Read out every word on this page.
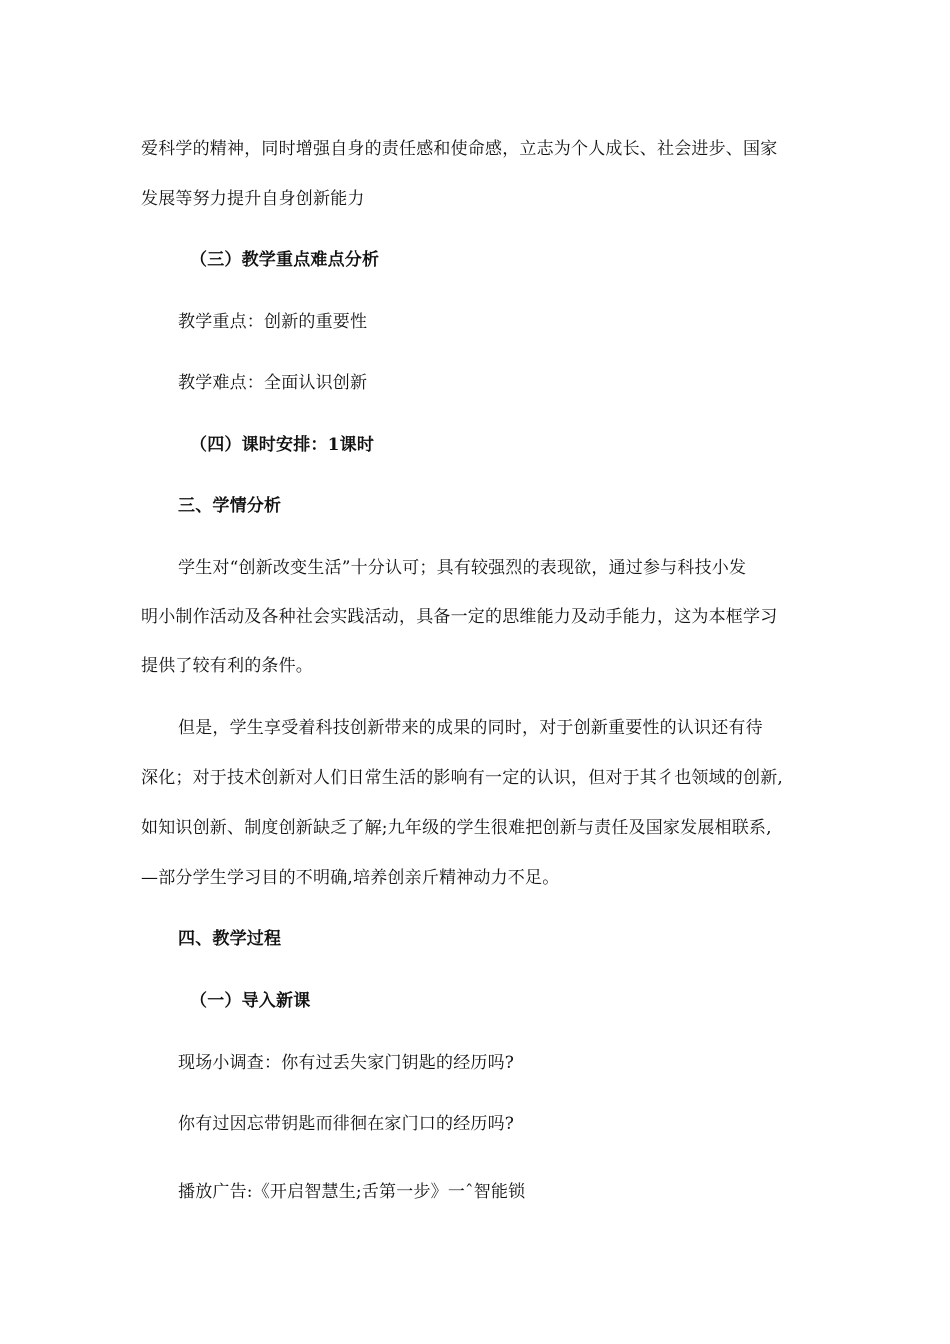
爱科学的精神，同时增强自身的责任感和使命感，立志为个人成长、社会进步、国家
发展等努力提升自身创新能力
（三）教学重点难点分析
教学重点：创新的重要性
教学难点：全面认识创新
（四）课时安排：1课时
三、学情分析
学生对“创新改变生活”十分认可；具有较强烈的表现欲，通过参与科技小发
明小制作活动及各种社会实践活动，具备一定的思维能力及动手能力，这为本框学习
提供了较有利的条件。
但是，学生享受着科技创新带来的成果的同时，对于创新重要性的认识还有待
深化；对于技术创新对人们日常生活的影响有一定的认识，但对于其彳也领域的创新,
如知识创新、制度创新缺乏了解;九年级的学生很难把创新与责任及国家发展相联系,
—部分学生学习目的不明确,培养创亲斤精神动力不足。
四、教学过程
（一）导入新课
现场小调查：你有过丢失家门钥匙的经历吗?
你有过因忘带钥匙而徘徊在家门口的经历吗?
播放广告:《开启智慧生;舌第一步》一ˆ智能锁
